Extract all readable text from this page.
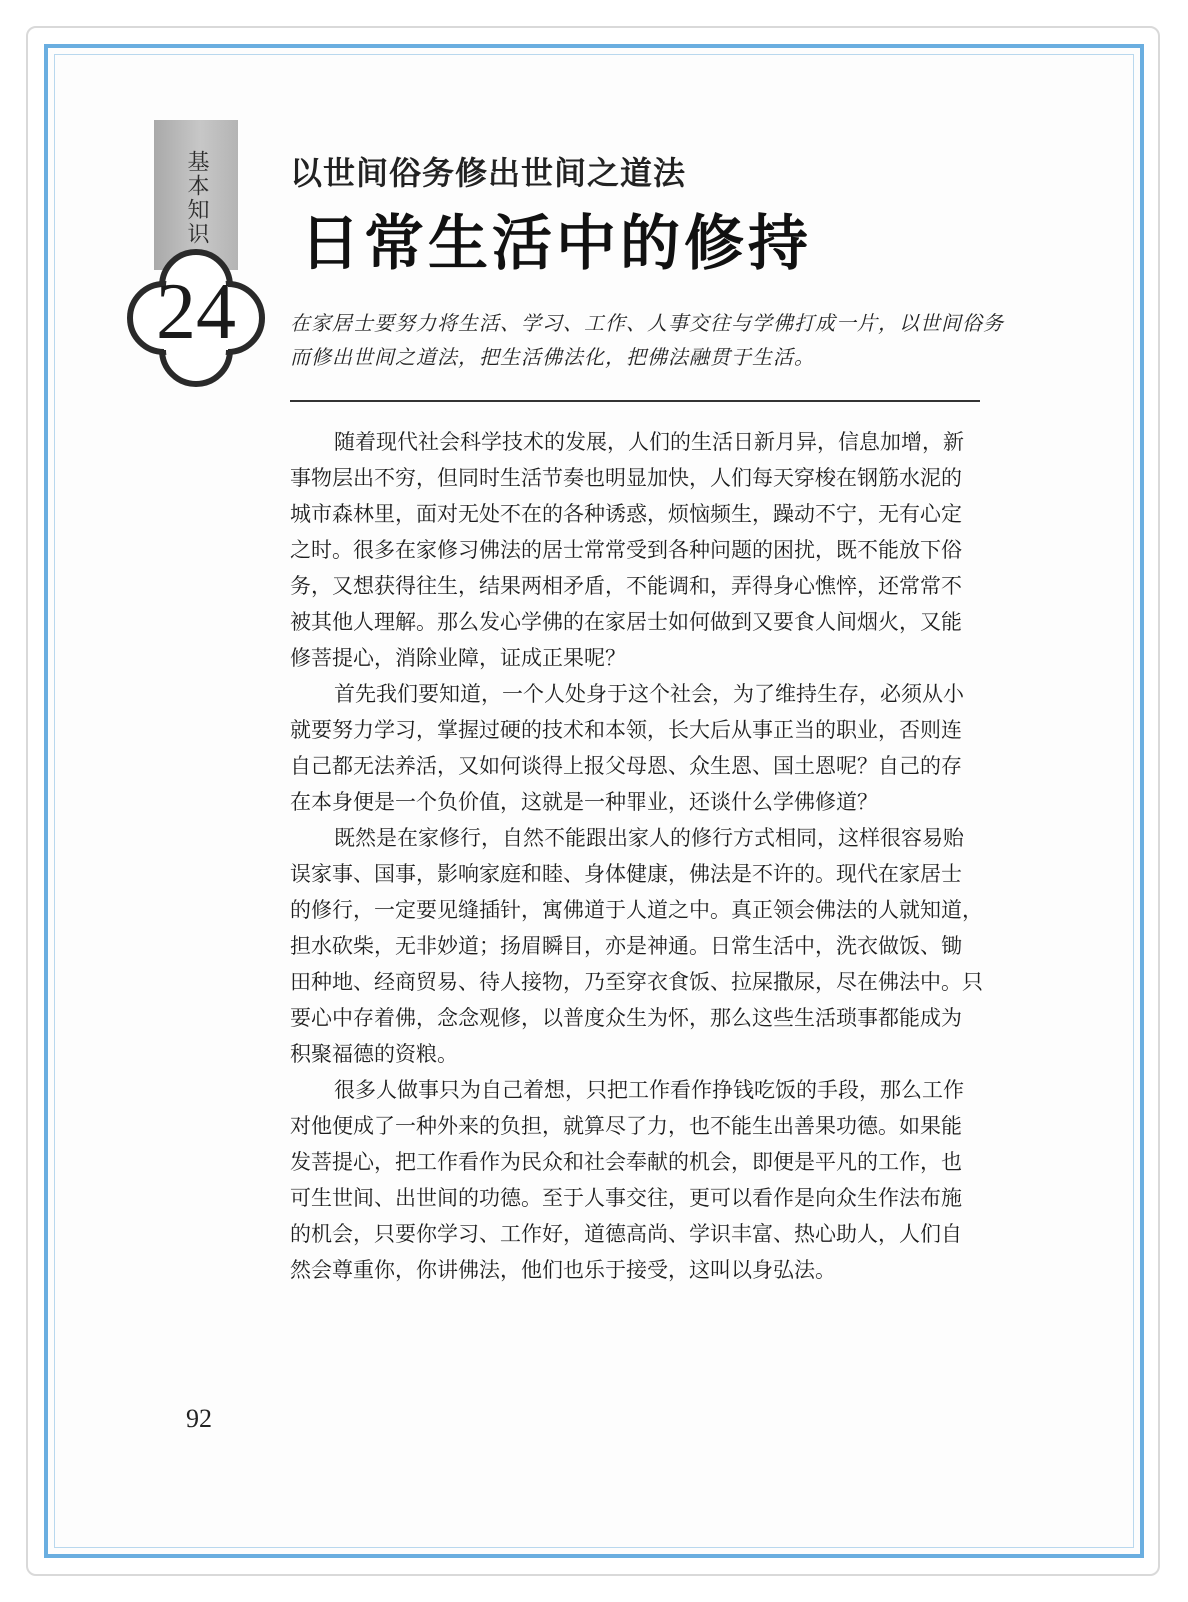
基本知识
24
以世间俗务修出世间之道法
日常生活中的修持

在家居士要努力将生活、学习、工作、人事交往与学佛打成一片，以世间俗务

而修出世间之道法，把生活佛法化，把佛法融贯于生活。

随着现代社会科学技术的发展，人们的生活日新月异，信息加增，新

事物层出不穷，但同时生活节奏也明显加快，人们每天穿梭在钢筋水泥的

城市森林里，面对无处不在的各种诱惑，烦恼频生，躁动不宁，无有心定

之时。很多在家修习佛法的居士常常受到各种问题的困扰，既不能放下俗

务，又想获得往生，结果两相矛盾，不能调和，弄得身心憔悴，还常常不

被其他人理解。那么发心学佛的在家居士如何做到又要食人间烟火，又能

修菩提心，消除业障，证成正果呢？

首先我们要知道，一个人处身于这个社会，为了维持生存，必须从小

就要努力学习，掌握过硬的技术和本领，长大后从事正当的职业，否则连

自己都无法养活，又如何谈得上报父母恩、众生恩、国土恩呢？自己的存

在本身便是一个负价值，这就是一种罪业，还谈什么学佛修道？

既然是在家修行，自然不能跟出家人的修行方式相同，这样很容易贻

误家事、国事，影响家庭和睦、身体健康，佛法是不许的。现代在家居士

的修行，一定要见缝插针，寓佛道于人道之中。真正领会佛法的人就知道，

担水砍柴，无非妙道；扬眉瞬目，亦是神通。日常生活中，洗衣做饭、锄

田种地、经商贸易、待人接物，乃至穿衣食饭、拉屎撒尿，尽在佛法中。只

要心中存着佛，念念观修，以普度众生为怀，那么这些生活琐事都能成为

积聚福德的资粮。

很多人做事只为自己着想，只把工作看作挣钱吃饭的手段，那么工作

对他便成了一种外来的负担，就算尽了力，也不能生出善果功德。如果能

发菩提心，把工作看作为民众和社会奉献的机会，即便是平凡的工作，也

可生世间、出世间的功德。至于人事交往，更可以看作是向众生作法布施

的机会，只要你学习、工作好，道德高尚、学识丰富、热心助人，人们自

然会尊重你，你讲佛法，他们也乐于接受，这叫以身弘法。

92
